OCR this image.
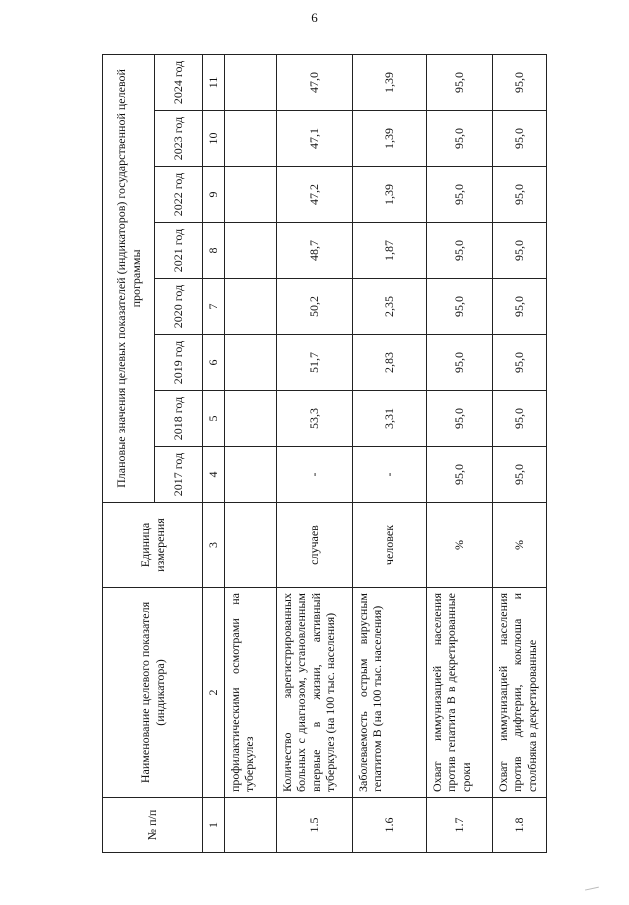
6
№ п/п	Наименование целевого показателя (индикатора)	Единица измерения	Плановые значения целевых показателей (индикаторов) государственной целевой программы							
			2017 год	2018 год	2019 год	2020 год	2021 год	2022 год	2023 год	2024 год
1	2	3	4	5	6	7	8	9	10	11
	профилактическими осмотрами на туберкулез									
1.5	Количество зарегистрированных больных с диагнозом, установленным впервые в жизни, активный туберкулез (на 100 тыс. населения)	случаев	-	53,3	51,7	50,2	48,7	47,2	47,1	47,0
1.6	Заболеваемость острым вирусным гепатитом В (на 100 тыс. населения)	человек	-	3,31	2,83	2,35	1,87	1,39	1,39	1,39
1.7	Охват иммунизацией населения против гепатита В в декретированные сроки	%	95,0	95,0	95,0	95,0	95,0	95,0	95,0	95,0
1.8	Охват иммунизацией населения против дифтерии, коклюша и столбняка в декретированные	%	95,0	95,0	95,0	95,0	95,0	95,0	95,0	95,0
